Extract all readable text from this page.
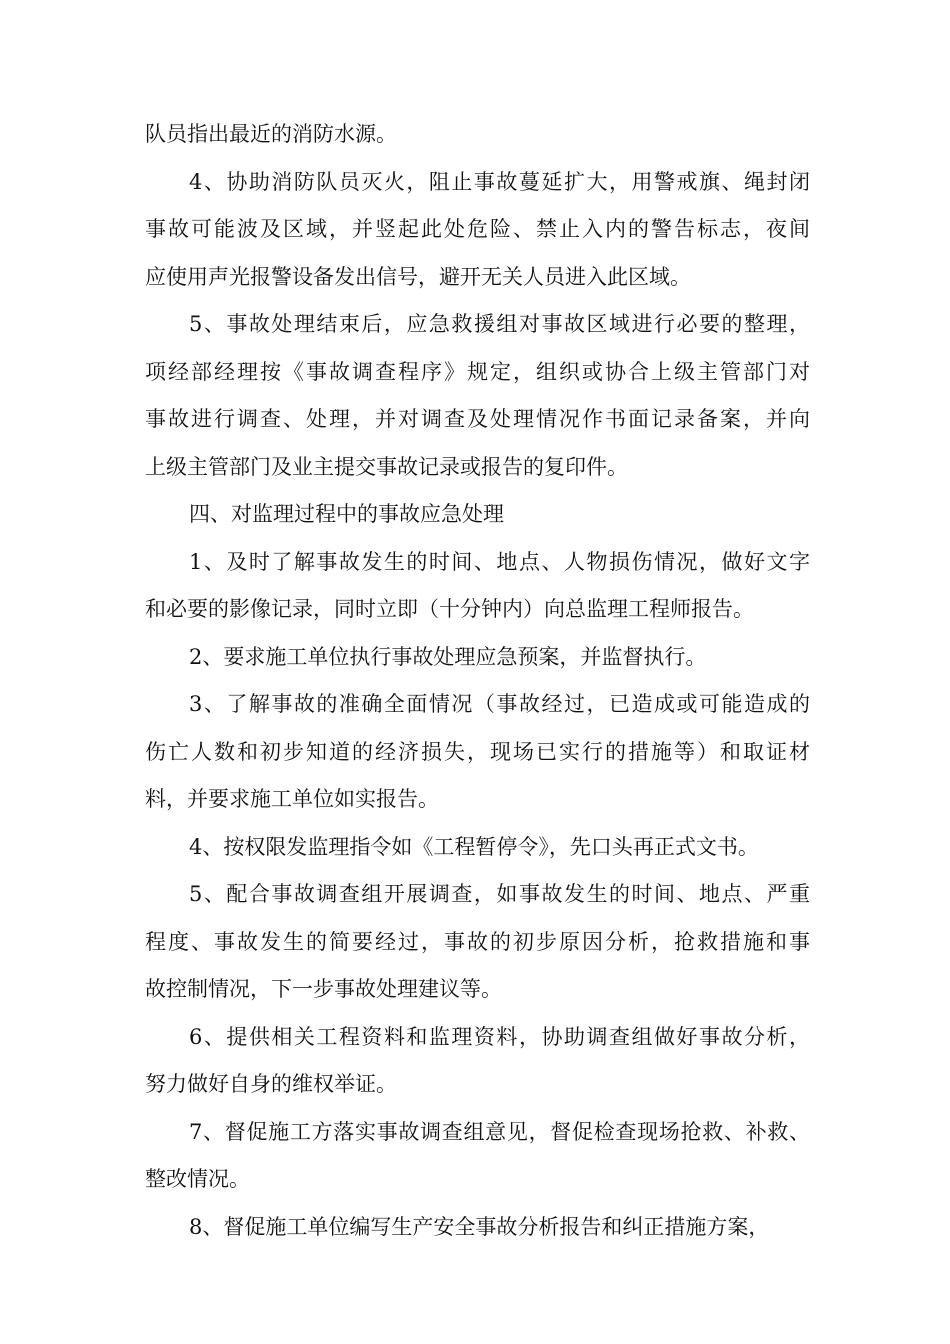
队员指出最近的消防水源。
4、协助消防队员灭火，阻止事故蔓延扩大，用警戒旗、绳封闭
事故可能波及区域，并竖起此处危险、禁止入内的警告标志，夜间
应使用声光报警设备发出信号，避开无关人员进入此区域。
5、事故处理结束后，应急救援组对事故区域进行必要的整理，
项经部经理按《事故调查程序》规定，组织或协合上级主管部门对
事故进行调查、处理，并对调查及处理情况作书面记录备案，并向
上级主管部门及业主提交事故记录或报告的复印件。
四、对监理过程中的事故应急处理
1、及时了解事故发生的时间、地点、人物损伤情况，做好文字
和必要的影像记录，同时立即（十分钟内）向总监理工程师报告。
2、要求施工单位执行事故处理应急预案，并监督执行。
3、了解事故的准确全面情况（事故经过，已造成或可能造成的
伤亡人数和初步知道的经济损失，现场已实行的措施等）和取证材
料，并要求施工单位如实报告。
4、按权限发监理指令如《工程暂停令》，先口头再正式文书。
5、配合事故调查组开展调查，如事故发生的时间、地点、严重
程度、事故发生的简要经过，事故的初步原因分析，抢救措施和事
故控制情况，下一步事故处理建议等。
6、提供相关工程资料和监理资料，协助调查组做好事故分析，
努力做好自身的维权举证。
7、督促施工方落实事故调查组意见，督促检查现场抢救、补救、
整改情况。
8、督促施工单位编写生产安全事故分析报告和纠正措施方案，
